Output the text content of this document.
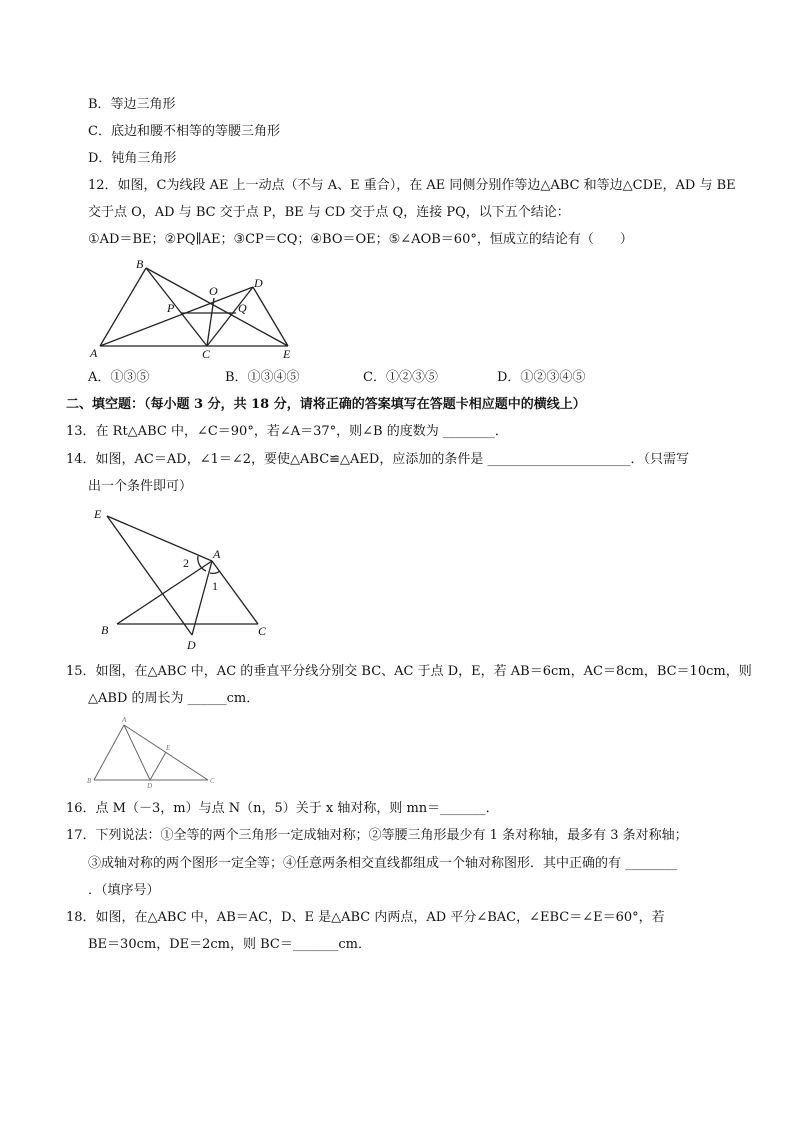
B．等边三角形
C．底边和腰不相等的等腰三角形
D．钝角三角形
12．如图，C为线段 AE 上一动点（不与 A、E 重合），在 AE 同侧分别作等边△ABC 和等边△CDE，AD 与 BE
交于点 O，AD 与 BC 交于点 P，BE 与 CD 交于点 Q，连接 PQ，以下五个结论：
①AD＝BE；②PQ∥AE；③CP＝CQ；④BO＝OE；⑤∠AOB＝60°，恒成立的结论有（　　）
A
B
C
D
E
O
P	Q
E
A
B	C
D
2
1
A
B	C
D
E
A．①③⑤	B．①③④⑤	C．①②③⑤	D．①②③④⑤
二、填空题：（每小题 3 分，共 18 分，请将正确的答案填写在答题卡相应题中的横线上）
13．在 Rt△ABC 中，∠C＝90°，若∠A＝37°，则∠B 的度数为 ________．
14．如图，AC＝AD，∠1＝∠2，要使△ABC≌△AED，应添加的条件是 ______________________．（只需写
出一个条件即可）
15．如图，在△ABC 中，AC 的垂直平分线分别交 BC、AC 于点 D，E，若 AB＝6cm，AC＝8cm，BC＝10cm，则
△ABD 的周长为 ______cm．
16．点 M（－3，m）与点 N（n，5）关于 x 轴对称，则 mn＝_______．
17．下列说法：①全等的两个三角形一定成轴对称；②等腰三角形最少有 1 条对称轴，最多有 3 条对称轴；
③成轴对称的两个图形一定全等；④任意两条相交直线都组成一个轴对称图形．其中正确的有 ________
．（填序号）
18．如图，在△ABC 中，AB＝AC，D、E 是△ABC 内两点，AD 平分∠BAC，∠EBC＝∠E＝60°，若
BE＝30cm，DE＝2cm，则 BC＝_______cm．
